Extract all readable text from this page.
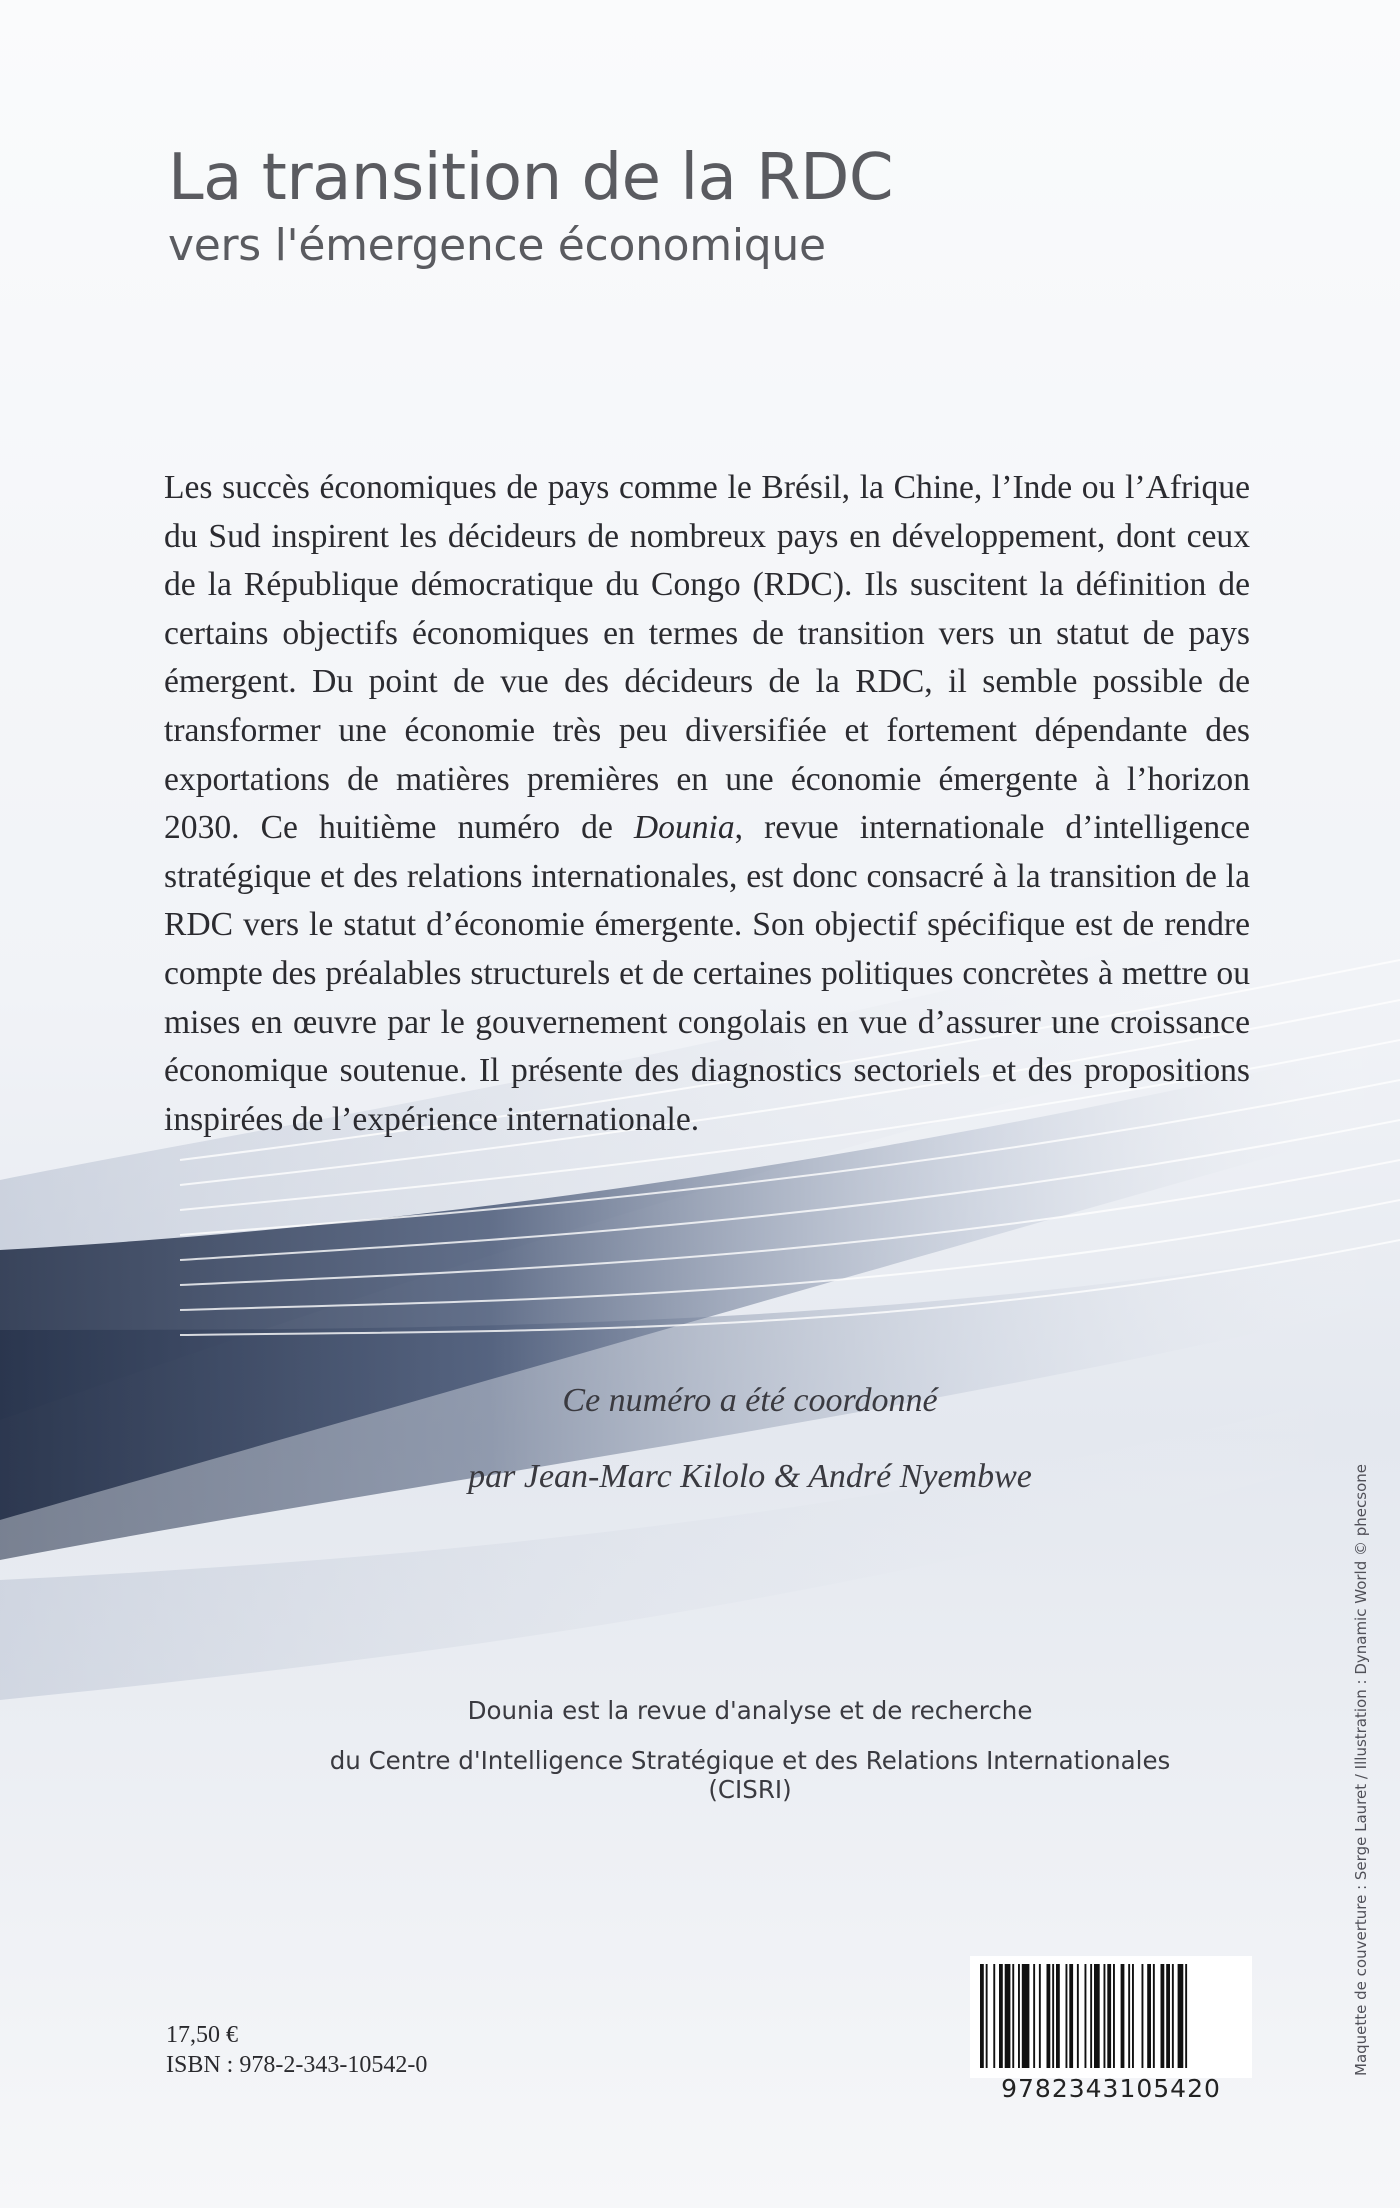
La transition de la RDC
vers l'émergence économique

Les succès économiques de pays comme le Brésil, la Chine, l’Inde ou l’Afrique du Sud inspirent les décideurs de nombreux pays en développement, dont ceux de la République démocratique du Congo (RDC). Ils suscitent la définition de certains objectifs économiques en termes de transition vers un statut de pays émergent. Du point de vue des décideurs de la RDC, il semble possible de transformer une économie très peu diversifiée et fortement dépendante des exportations de matières premières en une économie émergente à l’horizon 2030. Ce huitième numéro de Dounia, revue internationale d’intelligence stratégique et des relations internationales, est donc consacré à la transition de la RDC vers le statut d’économie émergente. Son objectif spécifique est de rendre compte des préalables structurels et de certaines politiques concrètes à mettre ou mises en œuvre par le gouvernement congolais en vue d’assurer une croissance économique soutenue. Il présente des diagnostics sectoriels et des propositions inspirées de l’expérience internationale.

Ce numéro a été coordonné
par Jean-Marc Kilolo & André Nyembwe
Dounia est la revue d'analyse et de recherche
du Centre d'Intelligence Stratégique et des Relations Internationales (CISRI)
17,50 €
ISBN : 978-2-343-10542-0
9782343105420
Maquette de couverture : Serge Lauret / Illustration : Dynamic World © phecsone
